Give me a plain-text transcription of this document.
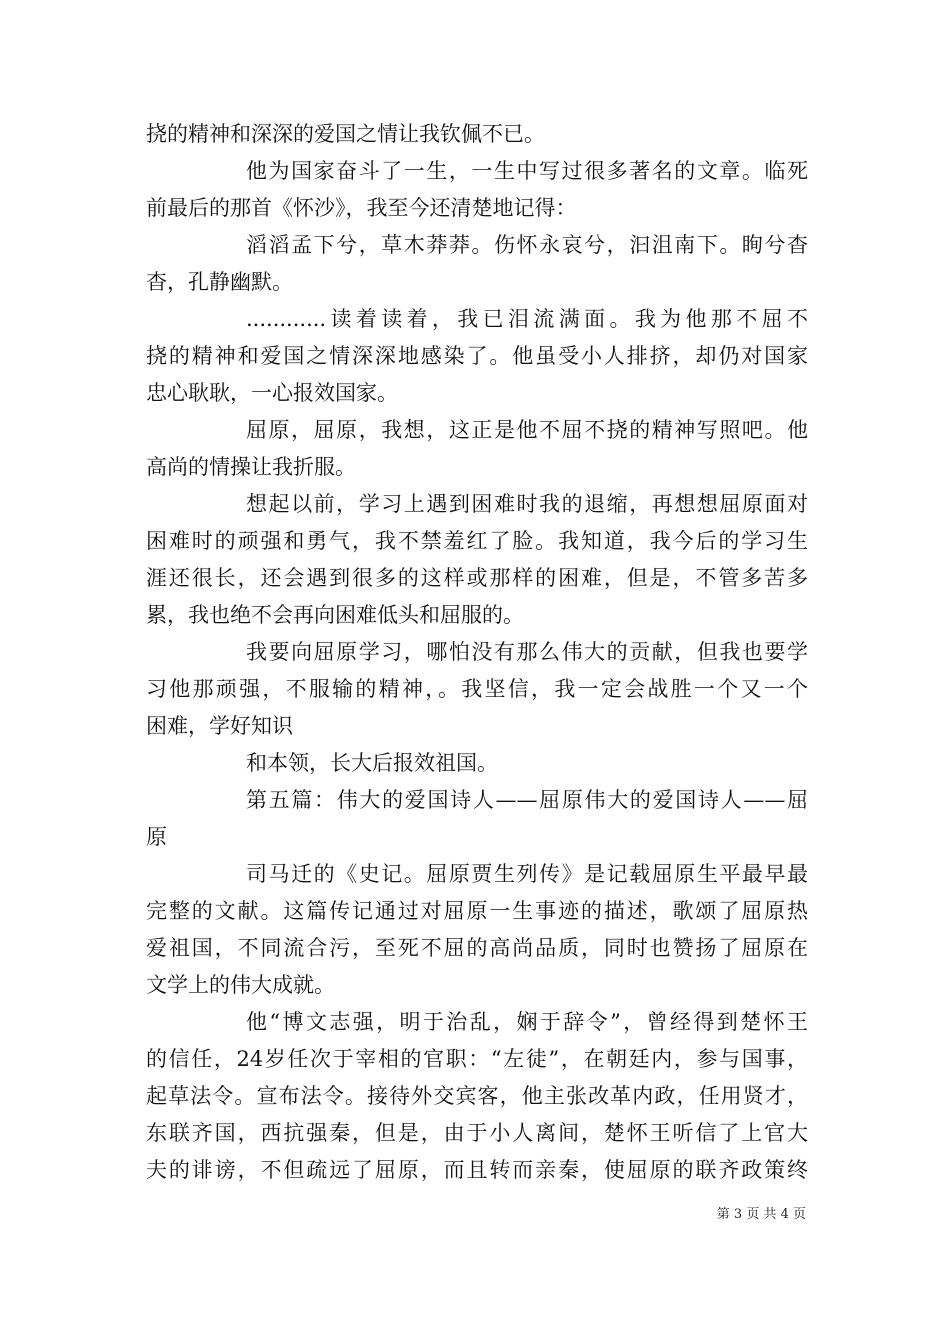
挠的精神和深深的爱国之情让我钦佩不已。
他为国家奋斗了一生，一生中写过很多著名的文章。临死
前最后的那首《怀沙》，我至今还清楚地记得：
滔滔孟下兮，草木莽莽。伤怀永哀兮，汩沮南下。眴兮杳
杳，孔静幽默。
............读着读着，我已泪流满面。我为他那不屈不
挠的精神和爱国之情深深地感染了。他虽受小人排挤，却仍对国家
忠心耿耿，一心报效国家。
屈原，屈原，我想，这正是他不屈不挠的精神写照吧。他
高尚的情操让我折服。
想起以前，学习上遇到困难时我的退缩，再想想屈原面对
困难时的顽强和勇气，我不禁羞红了脸。我知道，我今后的学习生
涯还很长，还会遇到很多的这样或那样的困难，但是，不管多苦多
累，我也绝不会再向困难低头和屈服的。
我要向屈原学习，哪怕没有那么伟大的贡献，但我也要学
习他那顽强，不服输的精神，。我坚信，我一定会战胜一个又一个
困难，学好知识
和本领，长大后报效祖国。
第五篇：伟大的爱国诗人——屈原伟大的爱国诗人——屈
原
司马迁的《史记。屈原贾生列传》是记载屈原生平最早最
完整的文献。这篇传记通过对屈原一生事迹的描述，歌颂了屈原热
爱祖国，不同流合污，至死不屈的高尚品质，同时也赞扬了屈原在
文学上的伟大成就。
他“博文志强，明于治乱，娴于辞令”，曾经得到楚怀王
的信任，24岁任次于宰相的官职：“左徒”，在朝廷内，参与国事，
起草法令。宣布法令。接待外交宾客，他主张改革内政，任用贤才，
东联齐国，西抗强秦，但是，由于小人离间，楚怀王听信了上官大
夫的诽谤，不但疏远了屈原，而且转而亲秦，使屈原的联齐政策终
第 3 页 共 4 页
